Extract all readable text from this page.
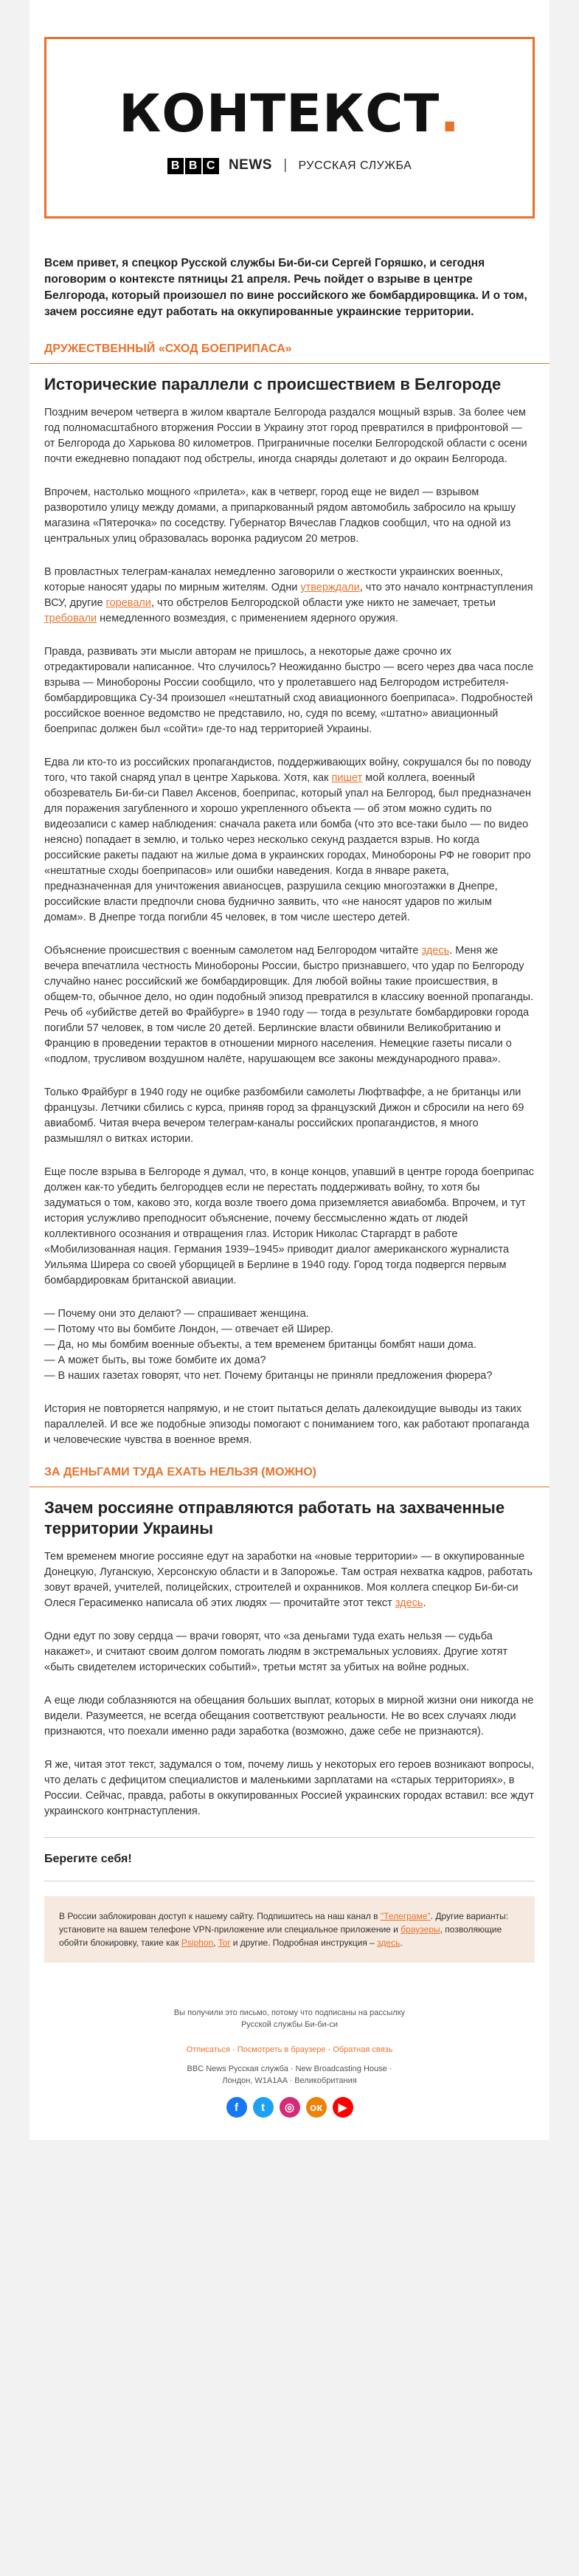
КОНТЕКСТ.
B B C NEWS | РУССКАЯ СЛУЖБА
Всем привет, я спецкор Русской службы Би-би-си Сергей Горяшко, и сегодня поговорим о контексте пятницы 21 апреля. Речь пойдет о взрыве в центре Белгорода, который произошел по вине российского же бомбардировщика. И о том, зачем россияне едут работать на оккупированные украинские территории.
ДРУЖЕСТВЕННЫЙ «СХОД БОЕПРИПАСА»
Исторические параллели с происшествием в Белгороде
Поздним вечером четверга в жилом квартале Белгорода раздался мощный взрыв. За более чем год полномасштабного вторжения России в Украину этот город превратился в прифронтовой — от Белгорода до Харькова 80 километров. Приграничные поселки Белгородской области с осени почти ежедневно попадают под обстрелы, иногда снаряды долетают и до окраин Белгорода.
Впрочем, настолько мощного «прилета», как в четверг, город еще не видел — взрывом разворотило улицу между домами, а припаркованный рядом автомобиль забросило на крышу магазина «Пятерочка» по соседству. Губернатор Вячеслав Гладков сообщил, что на одной из центральных улиц образовалась воронка радиусом 20 метров.
В провластных телеграм-каналах немедленно заговорили о жесткости украинских военных, которые наносят удары по мирным жителям. Одни утверждали, что это начало контрнаступления ВСУ, другие горевали, что обстрелов Белгородской области уже никто не замечает, третьи требовали немедленного возмездия, с применением ядерного оружия.
Правда, развивать эти мысли авторам не пришлось, а некоторые даже срочно их отредактировали написанное. Что случилось? Неожиданно быстро — всего через два часа после взрыва — Минобороны России сообщило, что у пролетавшего над Белгородом истребителя-бомбардировщика Су-34 произошел «нештатный сход авиационного боеприпаса». Подробностей российское военное ведомство не представило, но, судя по всему, «штатно» авиационный боеприпас должен был «сойти» где-то над территорией Украины.
Едва ли кто-то из российских пропагандистов, поддерживающих войну, сокрушался бы по поводу того, что такой снаряд упал в центре Харькова. Хотя, как пишет мой коллега, военный обозреватель Би-би-си Павел Аксенов, боеприпас, который упал на Белгород, был предназначен для поражения загубленного и хорошо укрепленного объекта — об этом можно судить по видеозаписи с камер наблюдения: сначала ракета или бомба (что это все-таки было — по видео неясно) попадает в землю, и только через несколько секунд раздается взрыв. Но когда российские ракеты падают на жилые дома в украинских городах, Минобороны РФ не говорит про «нештатные сходы боеприпасов» или ошибки наведения. Когда в январе ракета, предназначенная для уничтожения авианосцев, разрушила секцию многоэтажки в Днепре, российские власти предпочли снова буднично заявить, что «не наносят ударов по жилым домам». В Днепре тогда погибли 45 человек, в том числе шестеро детей.
Объяснение происшествия с военным самолетом над Белгородом читайте здесь. Меня же вечера впечатлила честность Минобороны России, быстро признавшего, что удар по Белгороду случайно нанес российский же бомбардировщик. Для любой войны такие происшествия, в общем-то, обычное дело, но один подобный эпизод превратился в классику военной пропаганды. Речь об «убийстве детей во Фрайбурге» в 1940 году — тогда в результате бомбардировки города погибли 57 человек, в том числе 20 детей. Берлинские власти обвинили Великобританию и Францию в проведении терактов в отношении мирного населения. Немецкие газеты писали о «подлом, трусливом воздушном налёте, нарушающем все законы международного права».
Только Фрайбург в 1940 году не оцибке разбомбили самолеты Люфтваффе, а не британцы или французы. Летчики сбились с курса, приняв город за французский Дижон и сбросили на него 69 авиабомб. Читая вчера вечером телеграм-каналы российских пропагандистов, я много размышлял о витках истории.
Еще после взрыва в Белгороде я думал, что, в конце концов, упавший в центре города боеприпас должен как-то убедить белгородцев если не перестать поддерживать войну, то хотя бы задуматься о том, каково это, когда возле твоего дома приземляется авиабомба. Впрочем, и тут история услужливо преподносит объяснение, почему бессмысленно ждать от людей коллективного осознания и отвращения глаз. Историк Николас Старгардт в работе «Мобилизованная нация. Германия 1939–1945» приводит диалог американского журналиста Уильяма Ширера со своей уборщицей в Берлине в 1940 году. Город тогда подвергся первым бомбардировкам британской авиации.

— Почему они это делают? — спрашивает женщина.

— Потому что вы бомбите Лондон, — отвечает ей Ширер.

— Да, но мы бомбим военные объекты, а тем временем британцы бомбят наши дома.

— А может быть, вы тоже бомбите их дома?

— В наших газетах говорят, что нет. Почему британцы не приняли предложения фюрера?

История не повторяется напрямую, и не стоит пытаться делать далекоидущие выводы из таких параллелей. И все же подобные эпизоды помогают с пониманием того, как работают пропаганда и человеческие чувства в военное время.
ЗА ДЕНЬГАМИ ТУДА ЕХАТЬ НЕЛЬЗЯ (МОЖНО)
Зачем россияне отправляются работать на захваченные территории Украины
Тем временем многие россияне едут на заработки на «новые территории» — в оккупированные Донецкую, Луганскую, Херсонскую области и в Запорожье. Там острая нехватка кадров, работать зовут врачей, учителей, полицейских, строителей и охранников. Моя коллега спецкор Би-би-си Олеся Герасименко написала об этих людях — прочитайте этот текст здесь.
Одни едут по зову сердца — врачи говорят, что «за деньгами туда ехать нельзя — судьба накажет», и считают своим долгом помогать людям в экстремальных условиях. Другие хотят «быть свидетелем исторических событий», третьи мстят за убитых на войне родных.
А еще люди соблазняются на обещания больших выплат, которых в мирной жизни они никогда не видели. Разумеется, не всегда обещания соответствуют реальности. Не во всех случаях люди признаются, что поехали именно ради заработка (возможно, даже себе не признаются).
Я же, читая этот текст, задумался о том, почему лишь у некоторых его героев возникают вопросы, что делать с дефицитом специалистов и маленькими зарплатами на «старых территориях», в России. Сейчас, правда, работы в оккупированных Россией украинских городах вставил: все ждут украинского контрнаступления.
Берегите себя!
В России заблокирован доступ к нашему сайту. Подпишитесь на наш канал в "Телеграме". Другие варианты: установите на вашем телефоне VPN-приложение или специальное приложение и браузеры, позволяющие обойти блокировку, такие как Psiphon, Tor и другие. Подробная инструкция – здесь.
Вы получили это письмо, потому что подписаны на рассылку Русской службы Би-би-си
Отписаться · Посмотреть в браузере · Обратная связь
BBC News Русская служба · New Broadcasting House · Лондон, W1A1AA · Великобритания
f	t	◎	ок	▶
